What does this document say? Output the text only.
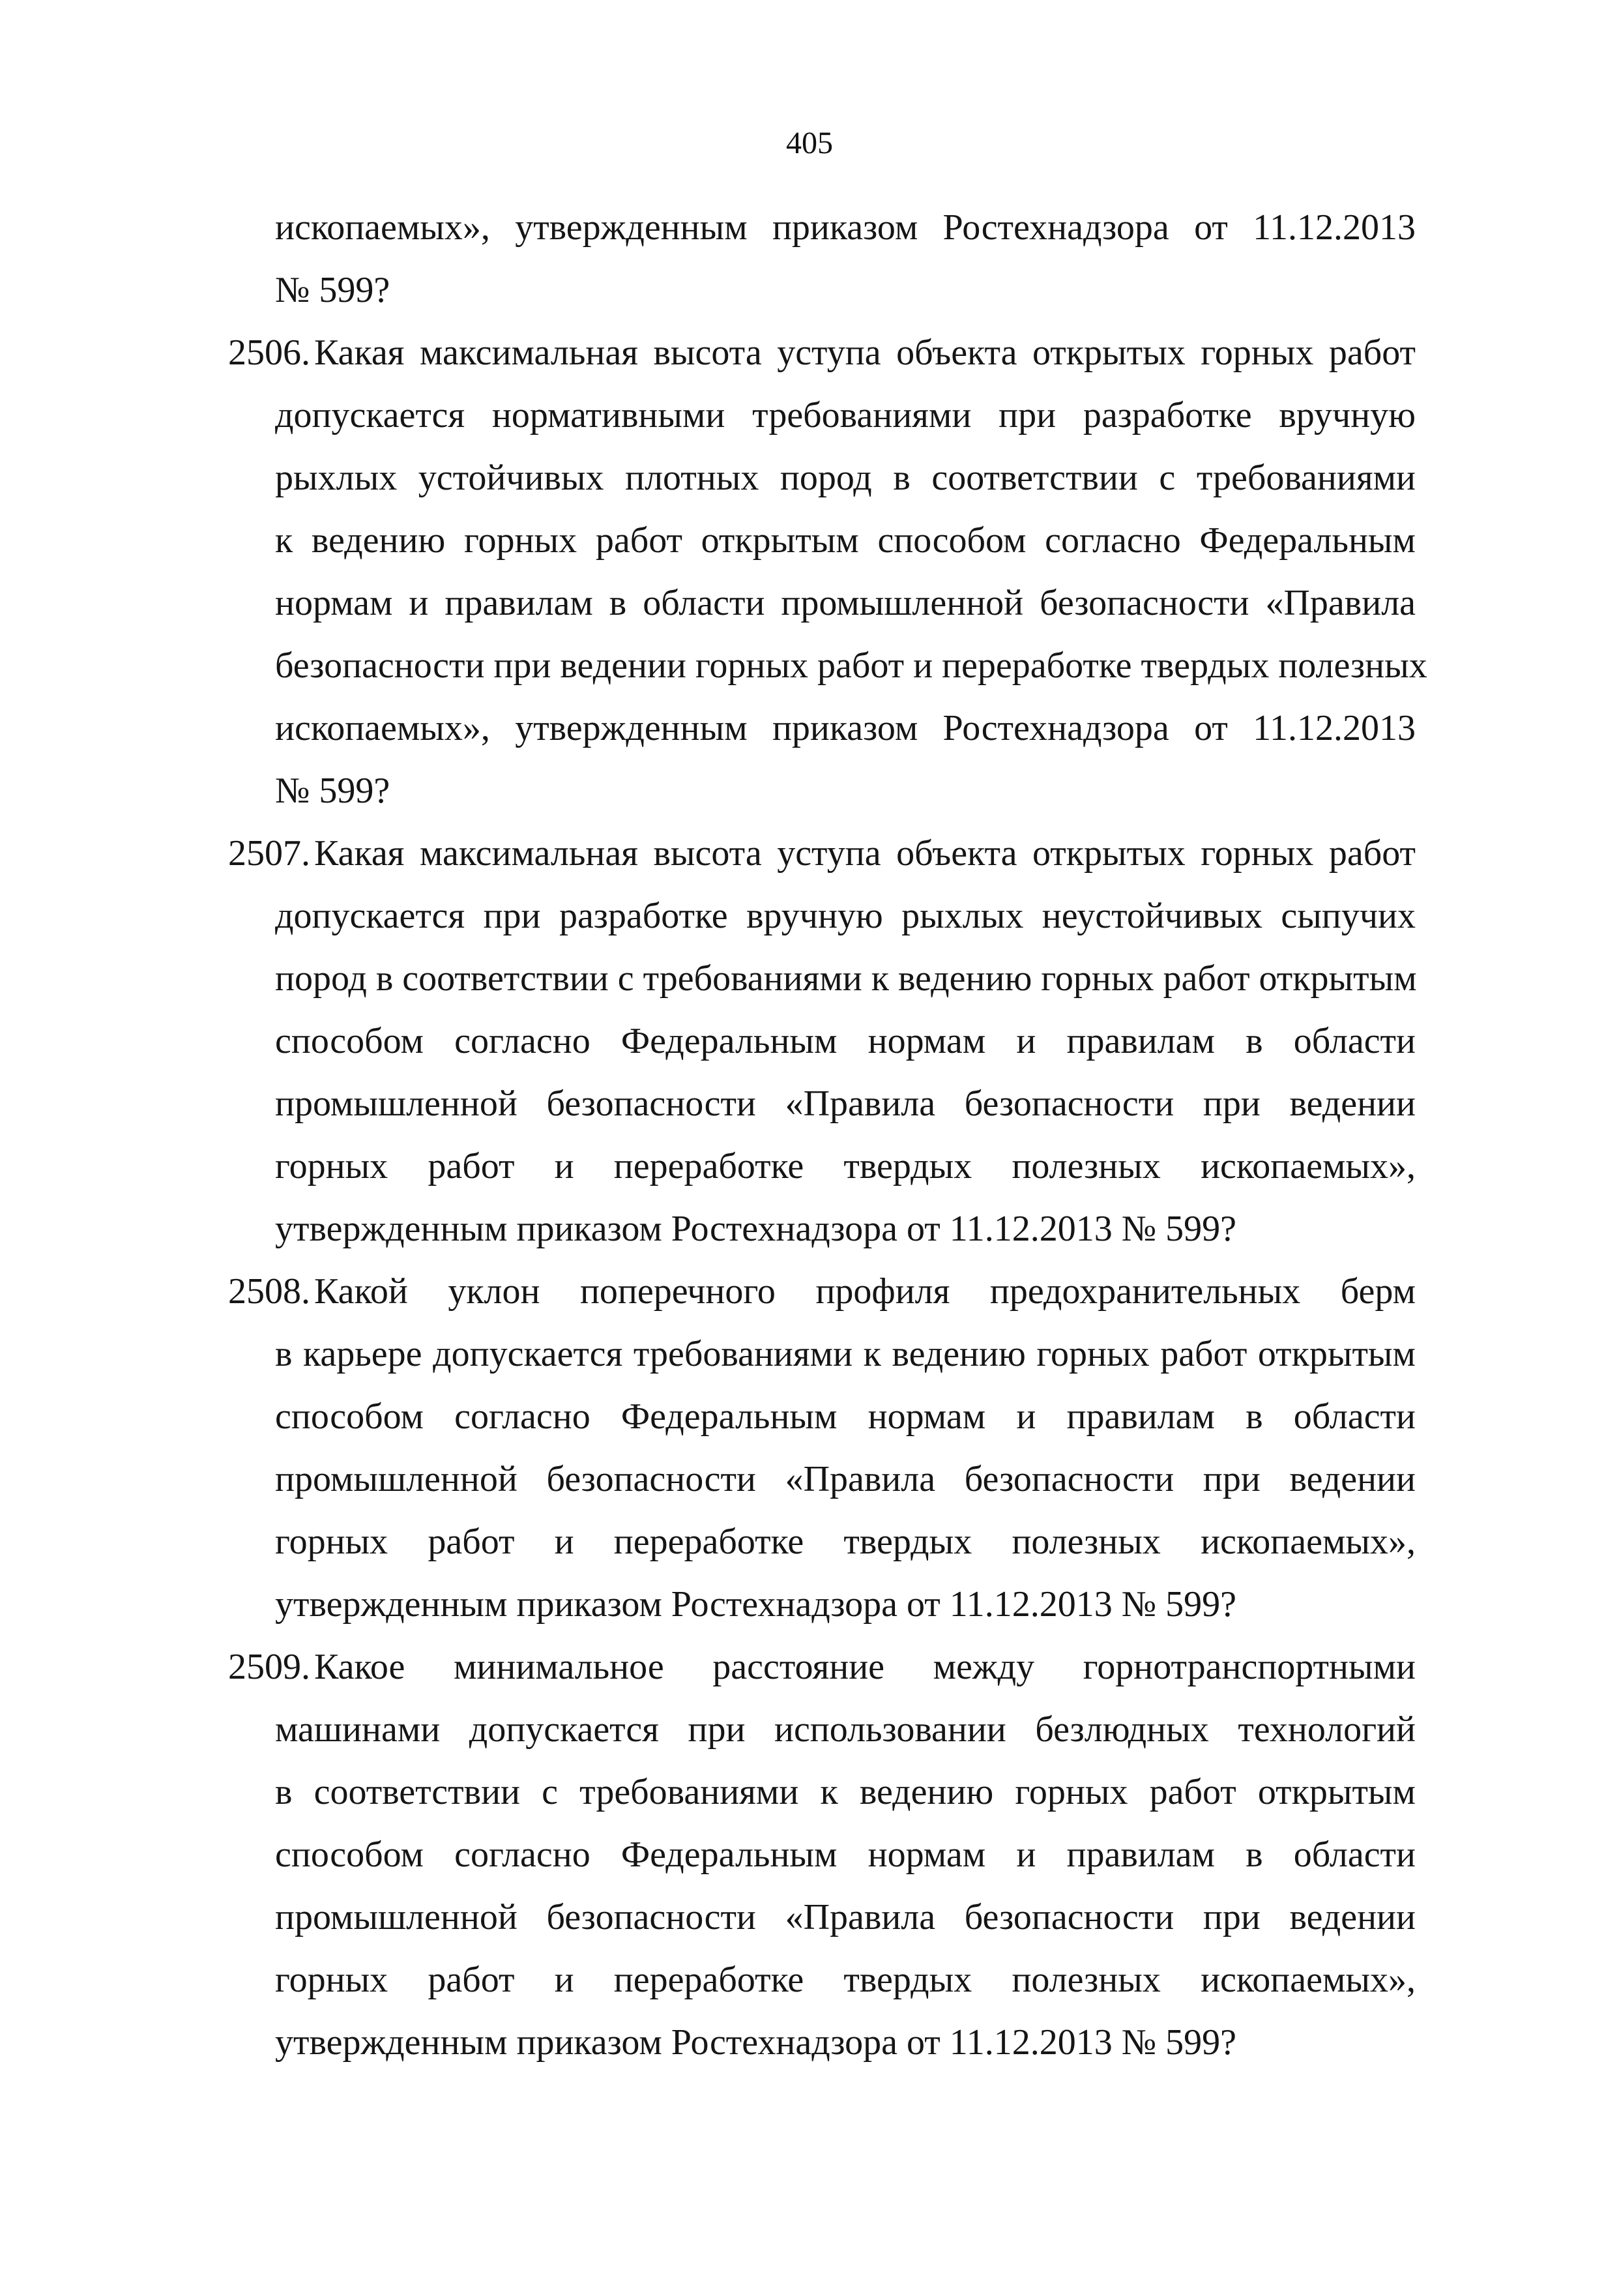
405
ископаемых», утвержденным приказом Ростехнадзора от 11.12.2013
№ 599?
2506. Какая максимальная высота уступа объекта открытых горных работ
допускается нормативными требованиями при разработке вручную
рыхлых устойчивых плотных пород в соответствии с требованиями
к ведению горных работ открытым способом согласно Федеральным
нормам и правилам в области промышленной безопасности «Правила
безопасности при ведении горных работ и переработке твердых полезных
ископаемых», утвержденным приказом Ростехнадзора от 11.12.2013
№ 599?
2507. Какая максимальная высота уступа объекта открытых горных работ
допускается при разработке вручную рыхлых неустойчивых сыпучих
пород в соответствии с требованиями к ведению горных работ открытым
способом согласно Федеральным нормам и правилам в области
промышленной безопасности «Правила безопасности при ведении
горных работ и переработке твердых полезных ископаемых»,
утвержденным приказом Ростехнадзора от 11.12.2013 № 599?
2508. Какой уклон поперечного профиля предохранительных берм
в карьере допускается требованиями к ведению горных работ открытым
способом согласно Федеральным нормам и правилам в области
промышленной безопасности «Правила безопасности при ведении
горных работ и переработке твердых полезных ископаемых»,
утвержденным приказом Ростехнадзора от 11.12.2013 № 599?
2509. Какое минимальное расстояние между горнотранспортными
машинами допускается при использовании безлюдных технологий
в соответствии с требованиями к ведению горных работ открытым
способом согласно Федеральным нормам и правилам в области
промышленной безопасности «Правила безопасности при ведении
горных работ и переработке твердых полезных ископаемых»,
утвержденным приказом Ростехнадзора от 11.12.2013 № 599?
